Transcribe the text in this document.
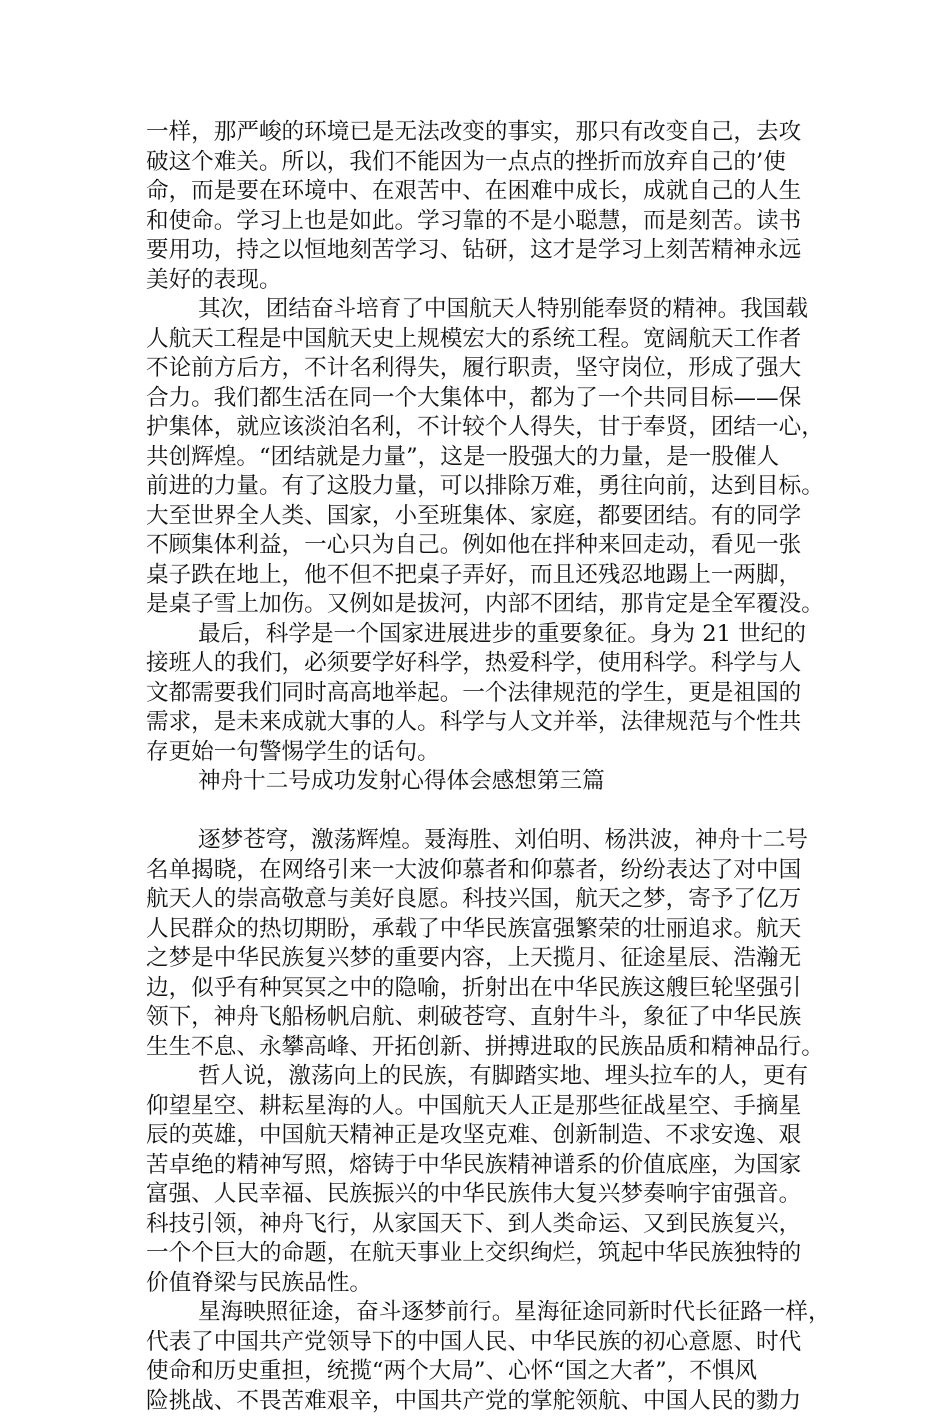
一样，那严峻的环境已是无法改变的事实，那只有改变自己，去攻
破这个难关。所以，我们不能因为一点点的挫折而放弃自己的’使
命，而是要在环境中、在艰苦中、在困难中成长，成就自己的人生
和使命。学习上也是如此。学习靠的不是小聪慧，而是刻苦。读书
要用功，持之以恒地刻苦学习、钻研，这才是学习上刻苦精神永远
美好的表现。
其次，团结奋斗培育了中国航天人特别能奉贤的精神。我国载
人航天工程是中国航天史上规模宏大的系统工程。宽阔航天工作者
不论前方后方，不计名利得失，履行职责，坚守岗位，形成了强大
合力。我们都生活在同一个大集体中，都为了一个共同目标——保
护集体，就应该淡泊名利，不计较个人得失，甘于奉贤，团结一心，
共创辉煌。“团结就是力量”，这是一股强大的力量，是一股催人
前进的力量。有了这股力量，可以排除万难，勇往向前，达到目标。
大至世界全人类、国家，小至班集体、家庭，都要团结。有的同学
不顾集体利益，一心只为自己。例如他在拌种来回走动，看见一张
桌子跌在地上，他不但不把桌子弄好，而且还残忍地踢上一两脚，
是桌子雪上加伤。又例如是拔河，内部不团结，那肯定是全军覆没。
最后，科学是一个国家进展进步的重要象征。身为 21 世纪的
接班人的我们，必须要学好科学，热爱科学，使用科学。科学与人
文都需要我们同时高高地举起。一个法律规范的学生，更是祖国的
需求，是未来成就大事的人。科学与人文并举，法律规范与个性共
存更始一句警惕学生的话句。
神舟十二号成功发射心得体会感想第三篇
逐梦苍穹，激荡辉煌。聂海胜、刘伯明、杨洪波，神舟十二号
名单揭晓，在网络引来一大波仰慕者和仰慕者，纷纷表达了对中国
航天人的崇高敬意与美好良愿。科技兴国，航天之梦，寄予了亿万
人民群众的热切期盼，承载了中华民族富强繁荣的壮丽追求。航天
之梦是中华民族复兴梦的重要内容，上天揽月、征途星辰、浩瀚无
边，似乎有种冥冥之中的隐喻，折射出在中华民族这艘巨轮坚强引
领下，神舟飞船杨帆启航、刺破苍穹、直射牛斗，象征了中华民族
生生不息、永攀高峰、开拓创新、拼搏进取的民族品质和精神品行。
哲人说，激荡向上的民族，有脚踏实地、埋头拉车的人，更有
仰望星空、耕耘星海的人。中国航天人正是那些征战星空、手摘星
辰的英雄，中国航天精神正是攻坚克难、创新制造、不求安逸、艰
苦卓绝的精神写照，熔铸于中华民族精神谱系的价值底座，为国家
富强、人民幸福、民族振兴的中华民族伟大复兴梦奏响宇宙强音。
科技引领，神舟飞行，从家国天下、到人类命运、又到民族复兴，
一个个巨大的命题，在航天事业上交织绚烂，筑起中华民族独特的
价值脊梁与民族品性。
星海映照征途，奋斗逐梦前行。星海征途同新时代长征路一样，
代表了中国共产党领导下的中国人民、中华民族的初心意愿、时代
使命和历史重担，统揽“两个大局”、心怀“国之大者”，不惧风
险挑战、不畏苦难艰辛，中国共产党的掌舵领航、中国人民的勠力
